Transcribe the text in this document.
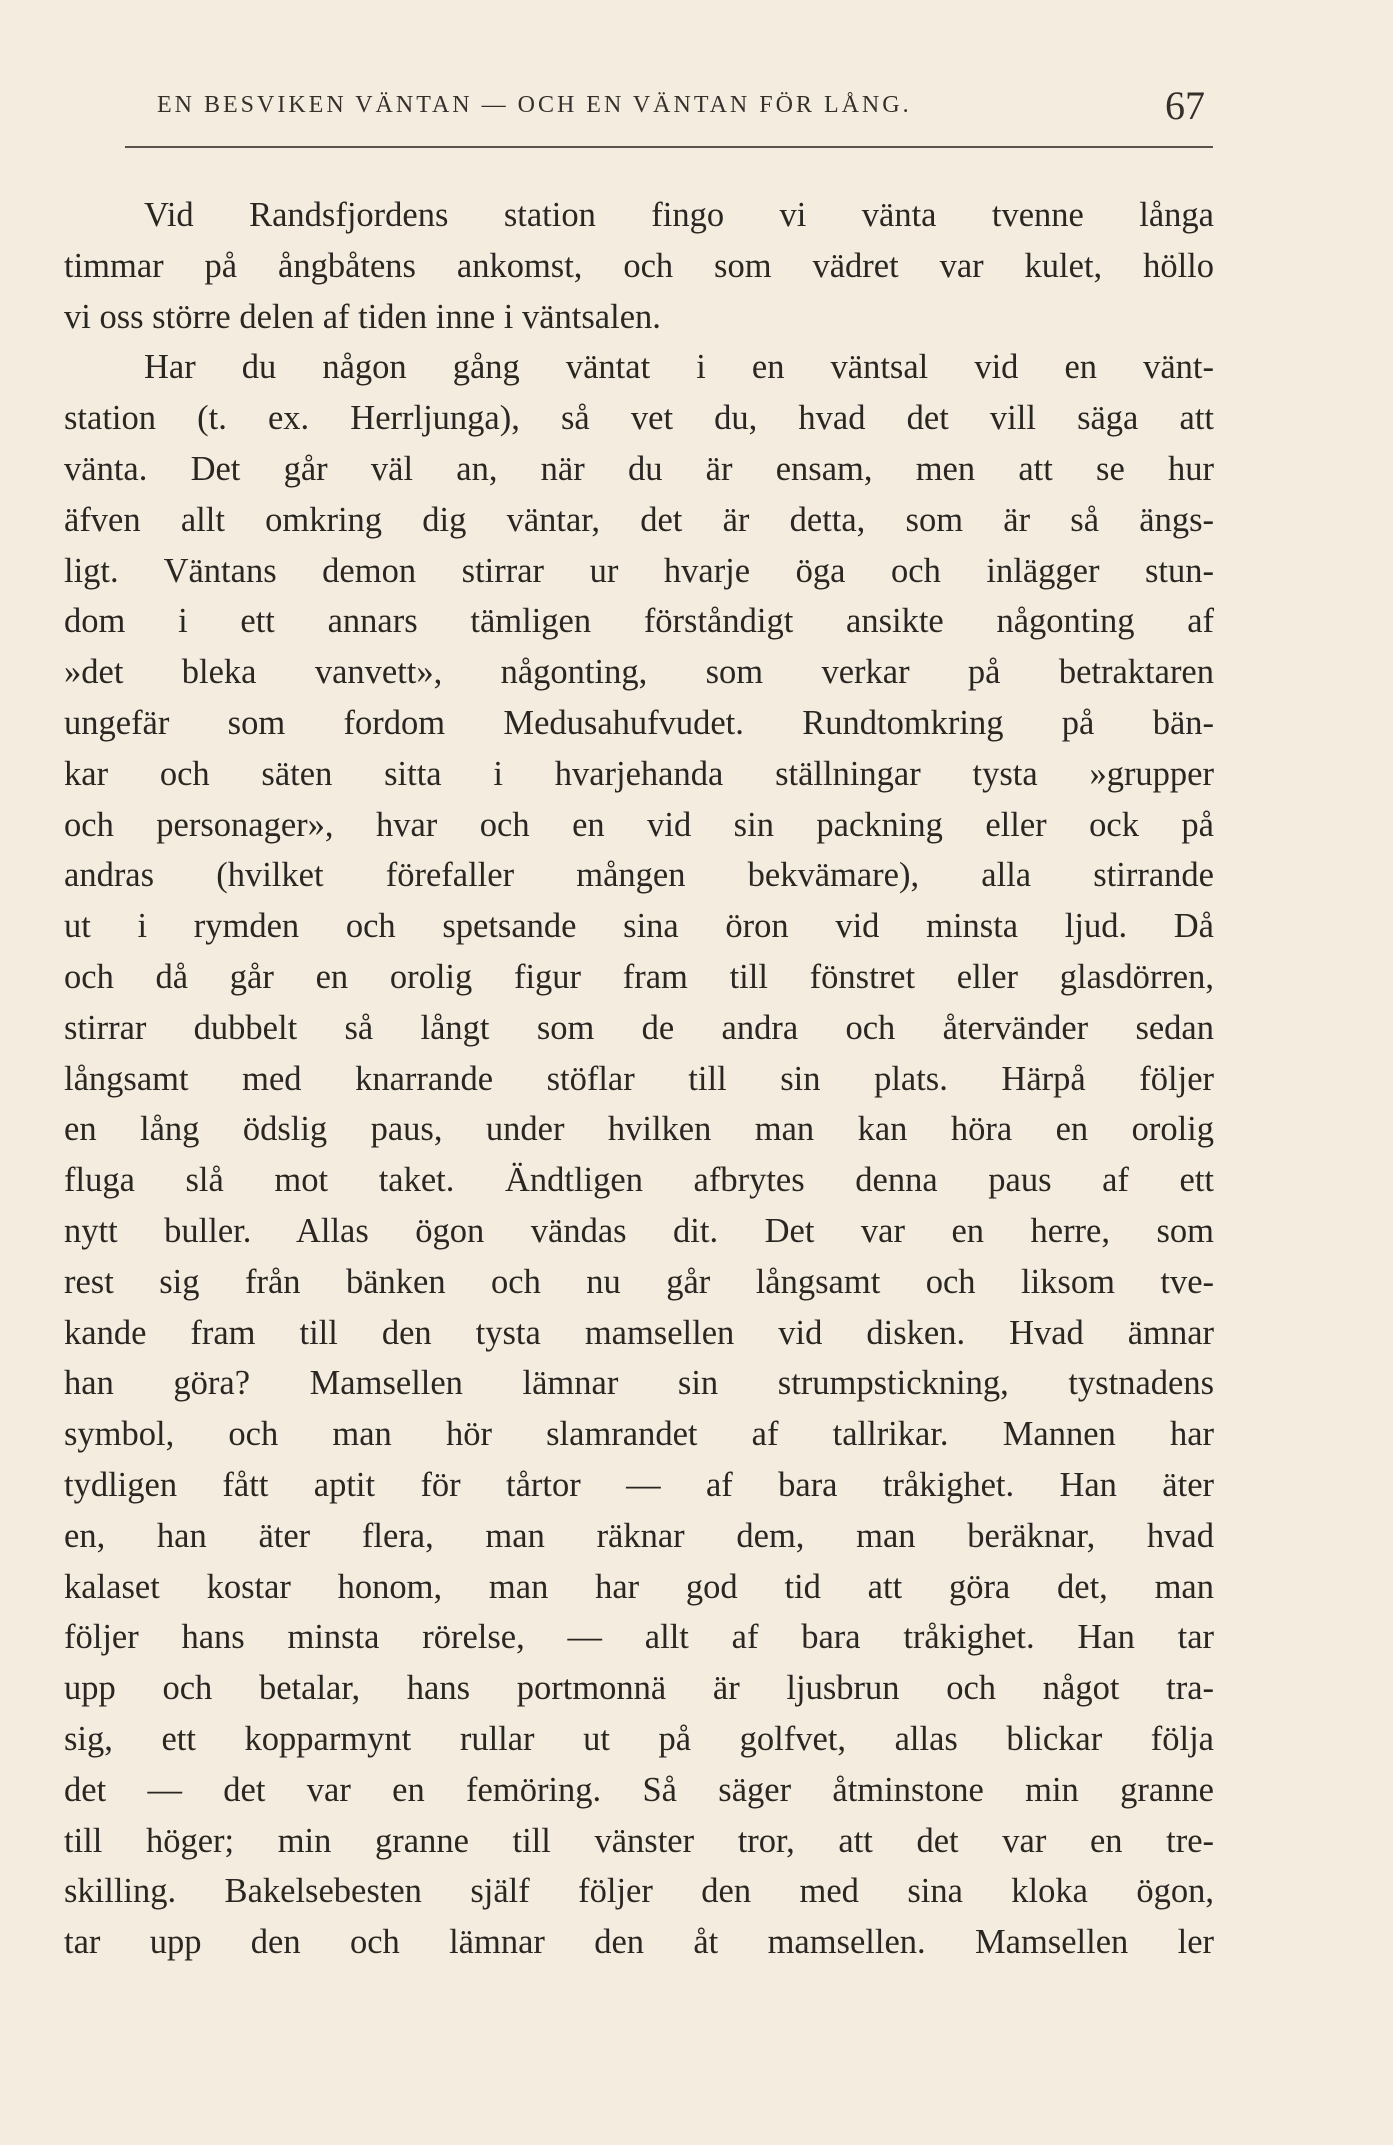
EN BESVIKEN VÄNTAN — OCH EN VÄNTAN FÖR LÅNG.	67
Vid Randsfjordens station fingo vi vänta tvenne långa
timmar på ångbåtens ankomst, och som vädret var kulet, höllo
vi oss större delen af tiden inne i väntsalen.
Har du någon gång väntat i en väntsal vid en vänt-
station (t. ex. Herrljunga), så vet du, hvad det vill säga att
vänta. Det går väl an, när du är ensam, men att se hur
äfven allt omkring dig väntar, det är detta, som är så ängs-
ligt. Väntans demon stirrar ur hvarje öga och inlägger stun-
dom i ett annars tämligen förståndigt ansikte någonting af
»det bleka vanvett», någonting, som verkar på betraktaren
ungefär som fordom Medusahufvudet. Rundtomkring på bän-
kar och säten sitta i hvarjehanda ställningar tysta »grupper
och personager», hvar och en vid sin packning eller ock på
andras (hvilket förefaller mången bekvämare), alla stirrande
ut i rymden och spetsande sina öron vid minsta ljud. Då
och då går en orolig figur fram till fönstret eller glasdörren,
stirrar dubbelt så långt som de andra och återvänder sedan
långsamt med knarrande stöflar till sin plats. Härpå följer
en lång ödslig paus, under hvilken man kan höra en orolig
fluga slå mot taket. Ändtligen afbrytes denna paus af ett
nytt buller. Allas ögon vändas dit. Det var en herre, som
rest sig från bänken och nu går långsamt och liksom tve-
kande fram till den tysta mamsellen vid disken. Hvad ämnar
han göra? Mamsellen lämnar sin strumpstickning, tystnadens
symbol, och man hör slamrandet af tallrikar. Mannen har
tydligen fått aptit för tårtor — af bara tråkighet. Han äter
en, han äter flera, man räknar dem, man beräknar, hvad
kalaset kostar honom, man har god tid att göra det, man
följer hans minsta rörelse, — allt af bara tråkighet. Han tar
upp och betalar, hans portmonnä är ljusbrun och något tra-
sig, ett kopparmynt rullar ut på golfvet, allas blickar följa
det — det var en femöring. Så säger åtminstone min granne
till höger; min granne till vänster tror, att det var en tre-
skilling. Bakelsebesten själf följer den med sina kloka ögon,
tar upp den och lämnar den åt mamsellen. Mamsellen ler
